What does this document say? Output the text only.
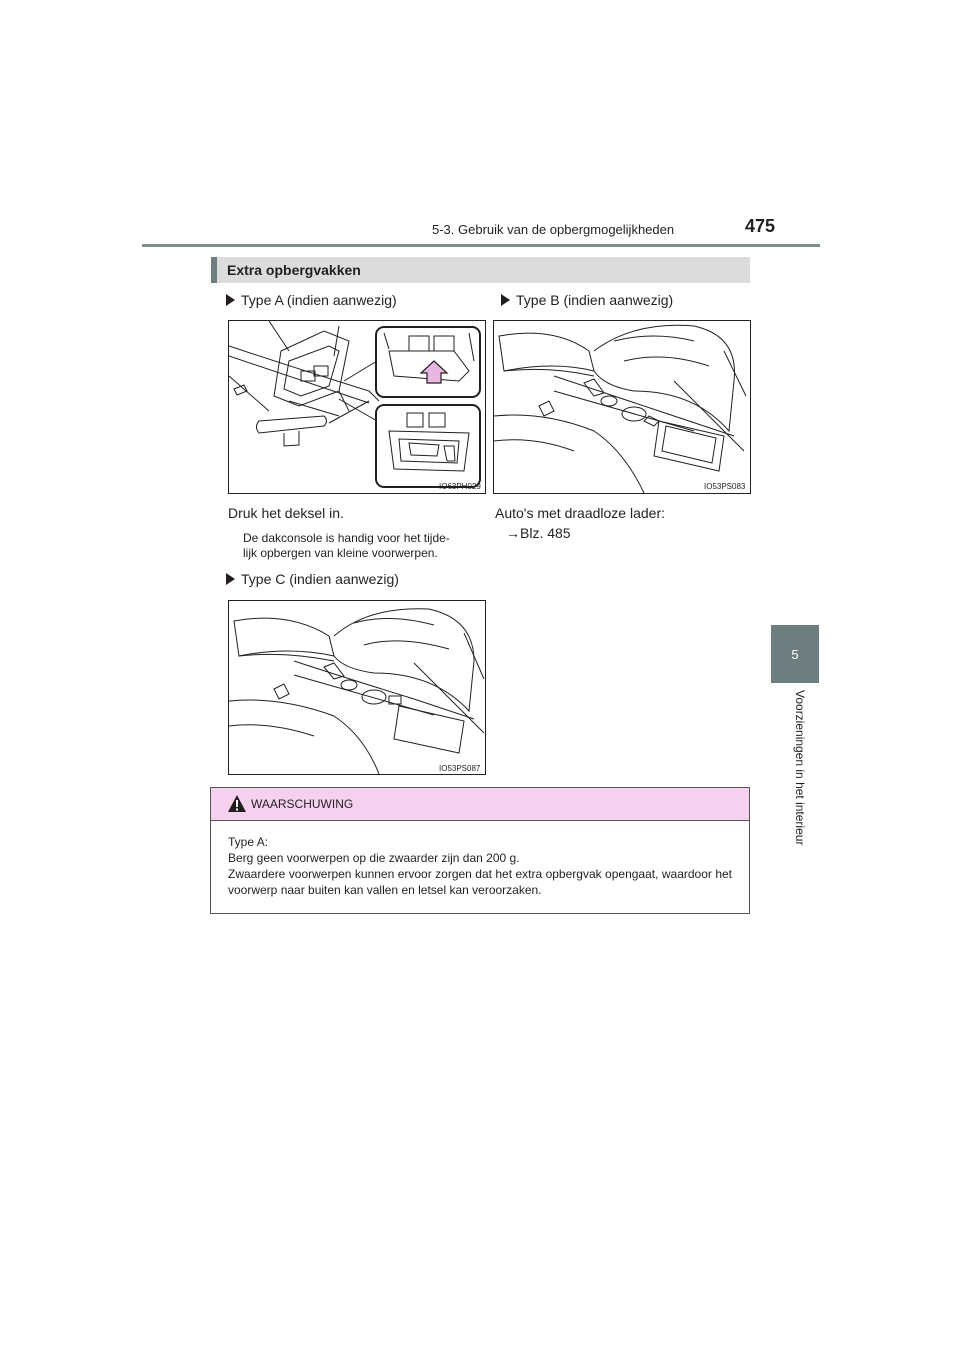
5-3. Gebruik van de opbergmogelijkheden	475
5
Voorzieningen in het interieur
Extra opbergvakken
Type A (indien aanwezig)
IO63PH029
Druk het deksel in.
De dakconsole is handig voor het tijde-
lijk opbergen van kleine voorwerpen.
Type B (indien aanwezig)
IO53PS083
Auto's met draadloze lader:
→Blz. 485
Type C (indien aanwezig)
IO53PS087
WAARSCHUWING

Type A:

Berg geen voorwerpen op die zwaarder zijn dan 200 g.

Zwaardere voorwerpen kunnen ervoor zorgen dat het extra opbergvak opengaat, waardoor het voorwerp naar buiten kan vallen en letsel kan veroorzaken.
